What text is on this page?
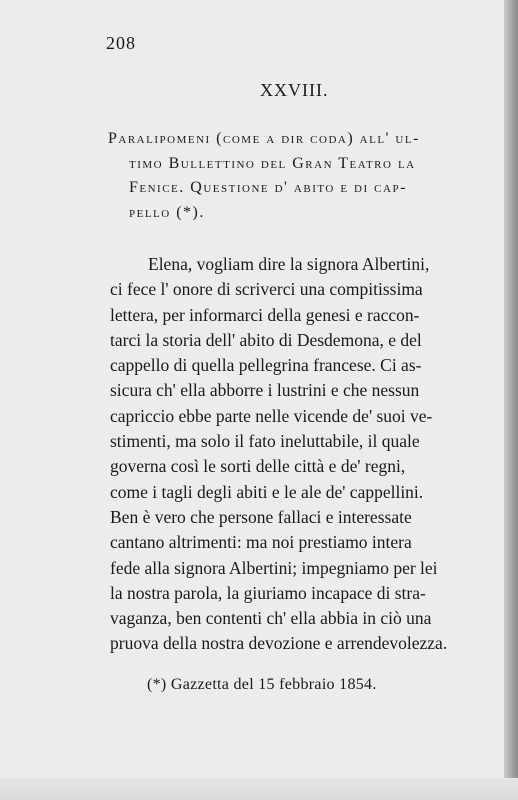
208
XXVIII.
Paralipomeni (come a dir coda) all' ul-
timo Bullettino del Gran Teatro la
Fenice. Questione d' abito e di cap-
pello (*).
Elena, vogliam dire la signora Albertini,
ci fece l' onore di scriverci una compitissima
lettera, per informarci della genesi e raccon-
tarci la storia dell' abito di Desdemona, e del
cappello di quella pellegrina francese. Ci as-
sicura ch' ella abborre i lustrini e che nessun
capriccio ebbe parte nelle vicende de' suoi ve-
stimenti, ma solo il fato ineluttabile, il quale
governa così le sorti delle città e de' regni,
come i tagli degli abiti e le ale de' cappellini.
Ben è vero che persone fallaci e interessate
cantano altrimenti: ma noi prestiamo intera
fede alla signora Albertini; impegniamo per lei
la nostra parola, la giuriamo incapace di stra-
vaganza, ben contenti ch' ella abbia in ciò una
pruova della nostra devozione e arrendevolezza.
(*) Gazzetta del 15 febbraio 1854.
